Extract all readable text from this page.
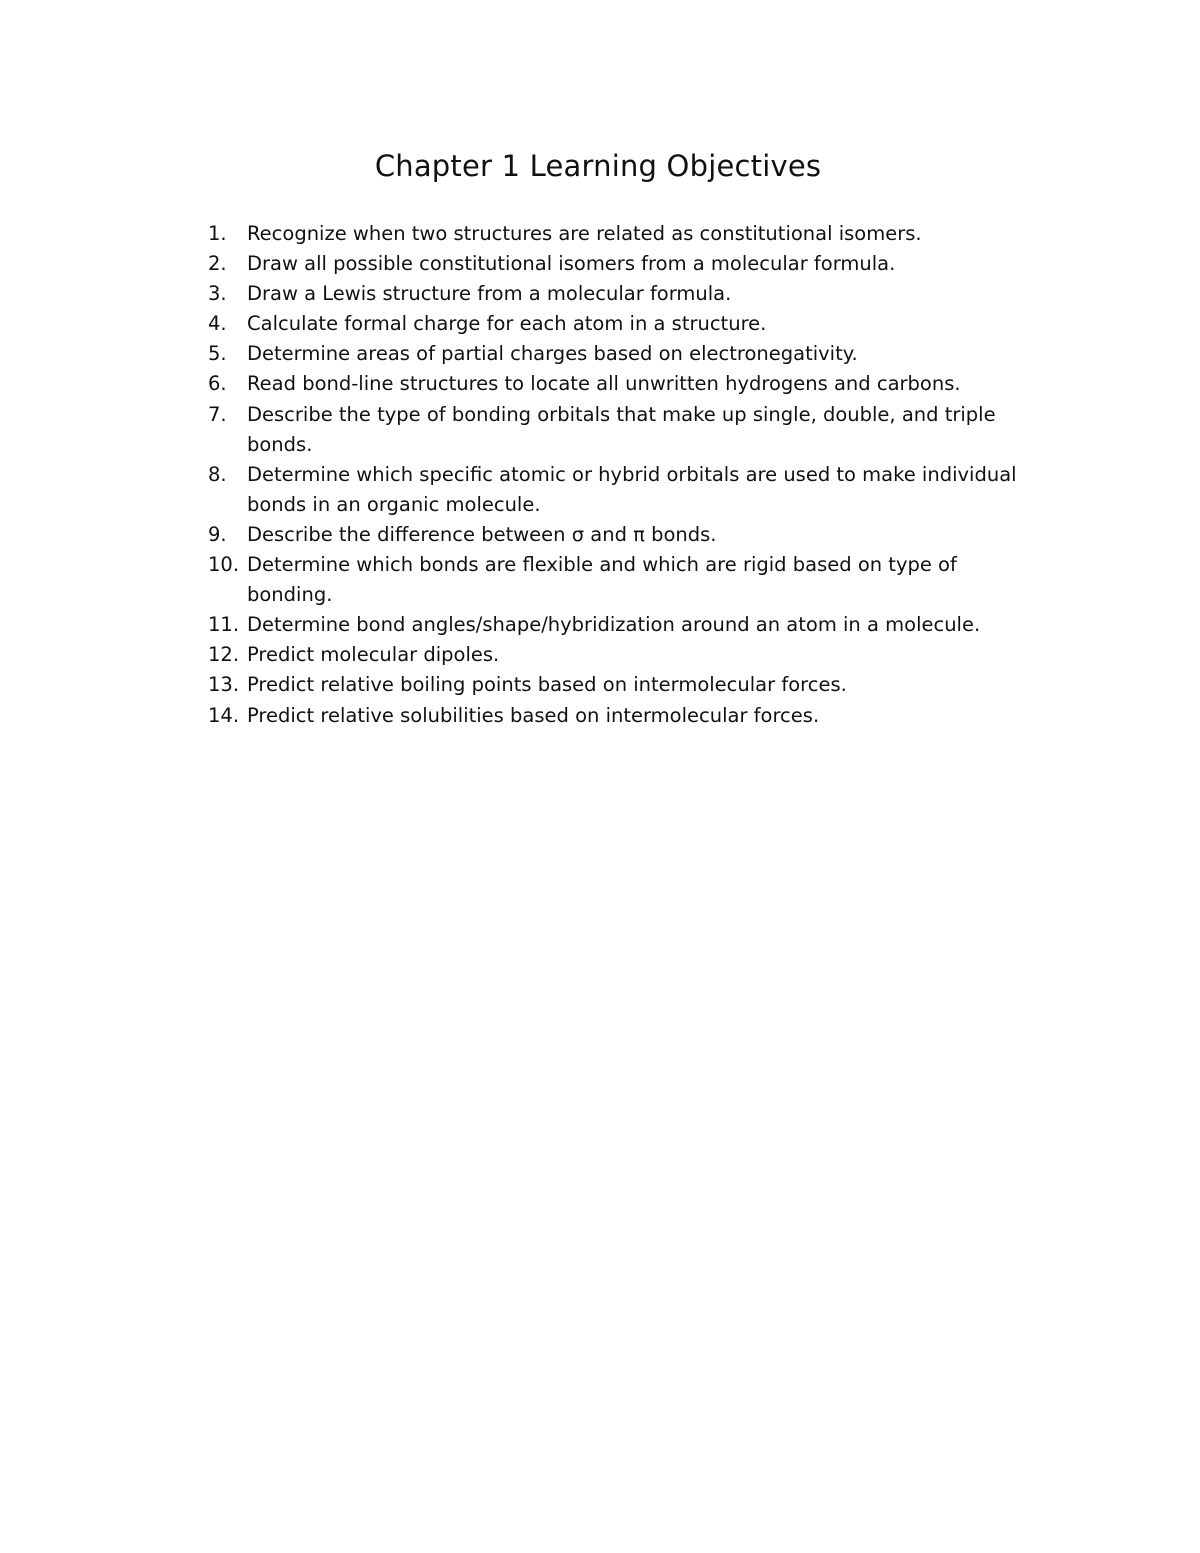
Chapter 1 Learning Objectives
1.	Recognize when two structures are related as constitutional isomers.
2.	Draw all possible constitutional isomers from a molecular formula.
3.	Draw a Lewis structure from a molecular formula.
4.	Calculate formal charge for each atom in a structure.
5.	Determine areas of partial charges based on electronegativity.
6.	Read bond-line structures to locate all unwritten hydrogens and carbons.
7.	Describe the type of bonding orbitals that make up single, double, and triple bonds.
8.	Determine which specific atomic or hybrid orbitals are used to make individual bonds in an organic molecule.
9.	Describe the difference between σ and π bonds.
10. Determine which bonds are flexible and which are rigid based on type of bonding.
11. Determine bond angles/shape/hybridization around an atom in a molecule.
12. Predict molecular dipoles.
13. Predict relative boiling points based on intermolecular forces.
14. Predict relative solubilities based on intermolecular forces.
